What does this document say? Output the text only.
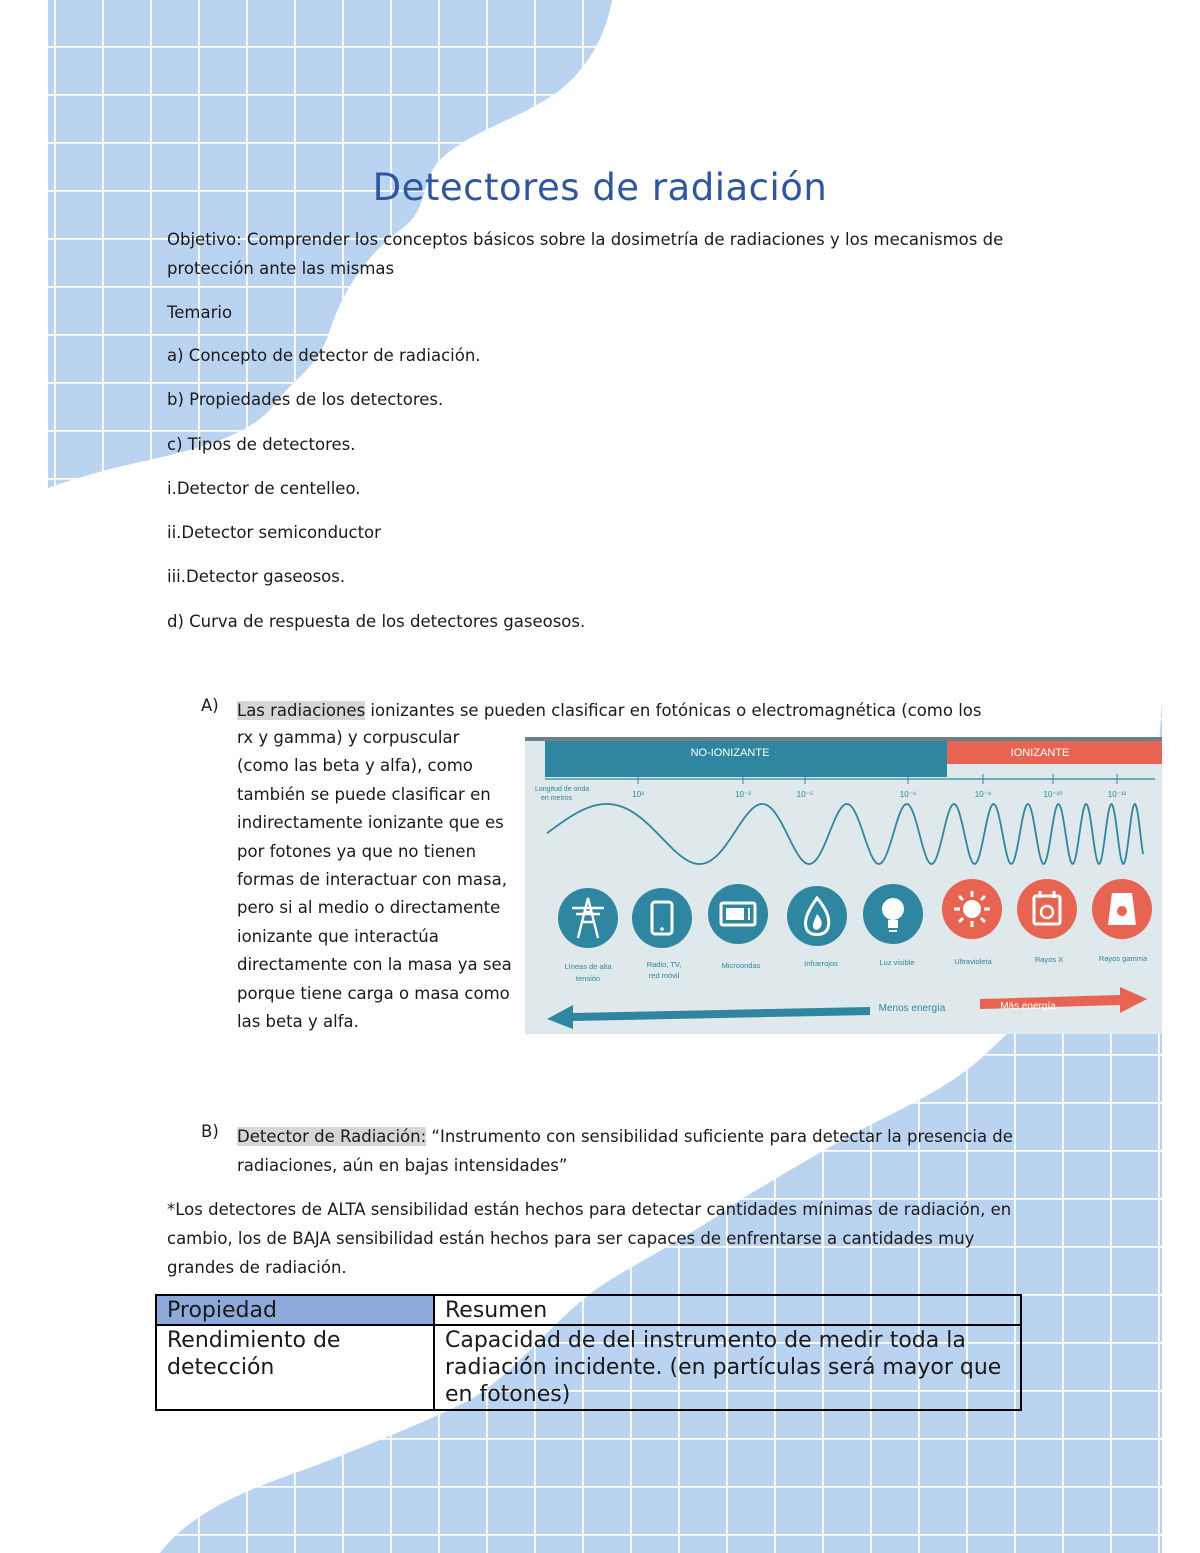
Detectores de radiación

Objetivo: Comprender los conceptos básicos sobre la dosimetría de radiaciones y los mecanismos de protección ante las mismas

Temario

a) Concepto de detector de radiación.

b) Propiedades de los detectores.

c) Tipos de detectores.

i.Detector de centelleo.

ii.Detector semiconductor

iii.Detector gaseosos.

d) Curva de respuesta de los detectores gaseosos.

A) Las radiaciones ionizantes se pueden clasificar en fotónicas o electromagnética (como los
rx y gamma) y corpuscular (como las beta y alfa), como también se puede clasificar en indirectamente ionizante que es por fotones ya que no tienen formas de interactuar con masa, pero si al medio o directamente ionizante que interactúa directamente con la masa ya sea porque tiene carga o masa como las beta y alfa.
NO-IONIZANTE	IONIZANTE
Longitud de onda
en metros	10³	10⁻²	10⁻⁵	10⁻⁶	10⁻⁸	10⁻¹⁰	10⁻¹²
Líneas de alta
tensión
Radio, TV,
red móvil
Microondas	Infrarrojos	Luz visible	Ultravioleta	Rayos X	Rayos gamma
Menos energía	Más energía
B) Detector de Radiación: “Instrumento con sensibilidad suficiente para detectar la presencia de radiaciones, aún en bajas intensidades”

*Los detectores de ALTA sensibilidad están hechos para detectar cantidades mínimas de radiación, en cambio, los de BAJA sensibilidad están hechos para ser capaces de enfrentarse a cantidades muy grandes de radiación.

Propiedad	Resumen
Rendimiento de detección	Capacidad de del instrumento de medir toda la radiación incidente. (en partículas será mayor que en fotones)
